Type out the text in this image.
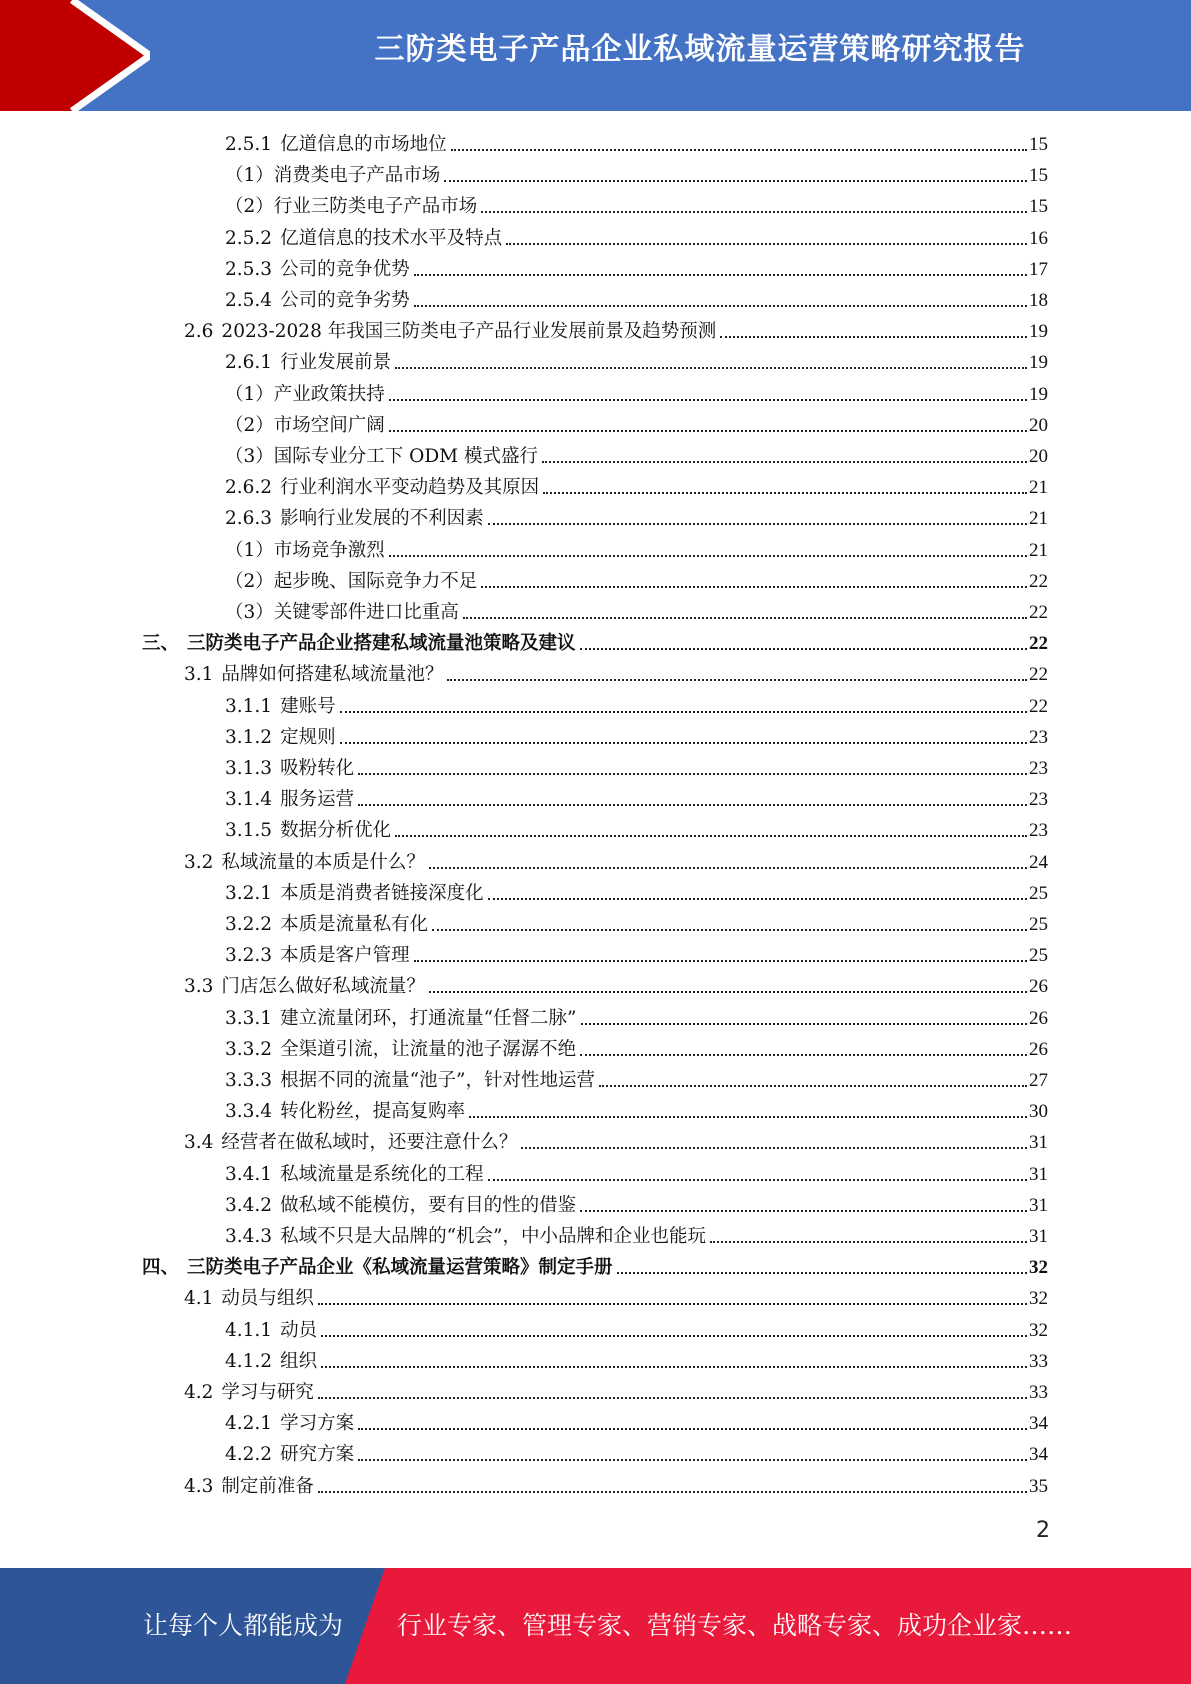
三防类电子产品企业私域流量运营策略研究报告
2.5.1 亿道信息的市场地位	15
（1） 消费类电子产品市场	15
（2） 行业三防类电子产品市场	15
2.5.2 亿道信息的技术水平及特点	16
2.5.3 公司的竞争优势	17
2.5.4 公司的竞争劣势	18
2.6 2023-2028 年我国三防类电子产品行业发展前景及趋势预测	19
2.6.1 行业发展前景	19
（1） 产业政策扶持	19
（2） 市场空间广阔	20
（3） 国际专业分工下 ODM 模式盛行	20
2.6.2 行业利润水平变动趋势及其原因	21
2.6.3 影响行业发展的不利因素	21
（1） 市场竞争激烈	21
（2） 起步晚、国际竞争力不足	22
（3） 关键零部件进口比重高	22
三、 三防类电子产品企业搭建私域流量池策略及建议	22
3.1 品牌如何搭建私域流量池？	22
3.1.1 建账号	22
3.1.2 定规则	23
3.1.3 吸粉转化	23
3.1.4 服务运营	23
3.1.5 数据分析优化	23
3.2 私域流量的本质是什么？	24
3.2.1 本质是消费者链接深度化	25
3.2.2 本质是流量私有化	25
3.2.3 本质是客户管理	25
3.3 门店怎么做好私域流量？	26
3.3.1 建立流量闭环，打通流量“任督二脉”	26
3.3.2 全渠道引流，让流量的池子潺潺不绝	26
3.3.3 根据不同的流量“池子”，针对性地运营	27
3.3.4 转化粉丝，提高复购率	30
3.4 经营者在做私域时，还要注意什么？	31
3.4.1 私域流量是系统化的工程	31
3.4.2 做私域不能模仿，要有目的性的借鉴	31
3.4.3 私域不只是大品牌的“机会”，中小品牌和企业也能玩	31
四、 三防类电子产品企业《私域流量运营策略》制定手册	32
4.1 动员与组织	32
4.1.1 动员	32
4.1.2 组织	33
4.2 学习与研究	33
4.2.1 学习方案	34
4.2.2 研究方案	34
4.3 制定前准备	35
2
让每个人都能成为 行业专家、管理专家、营销专家、战略专家、成功企业家……
